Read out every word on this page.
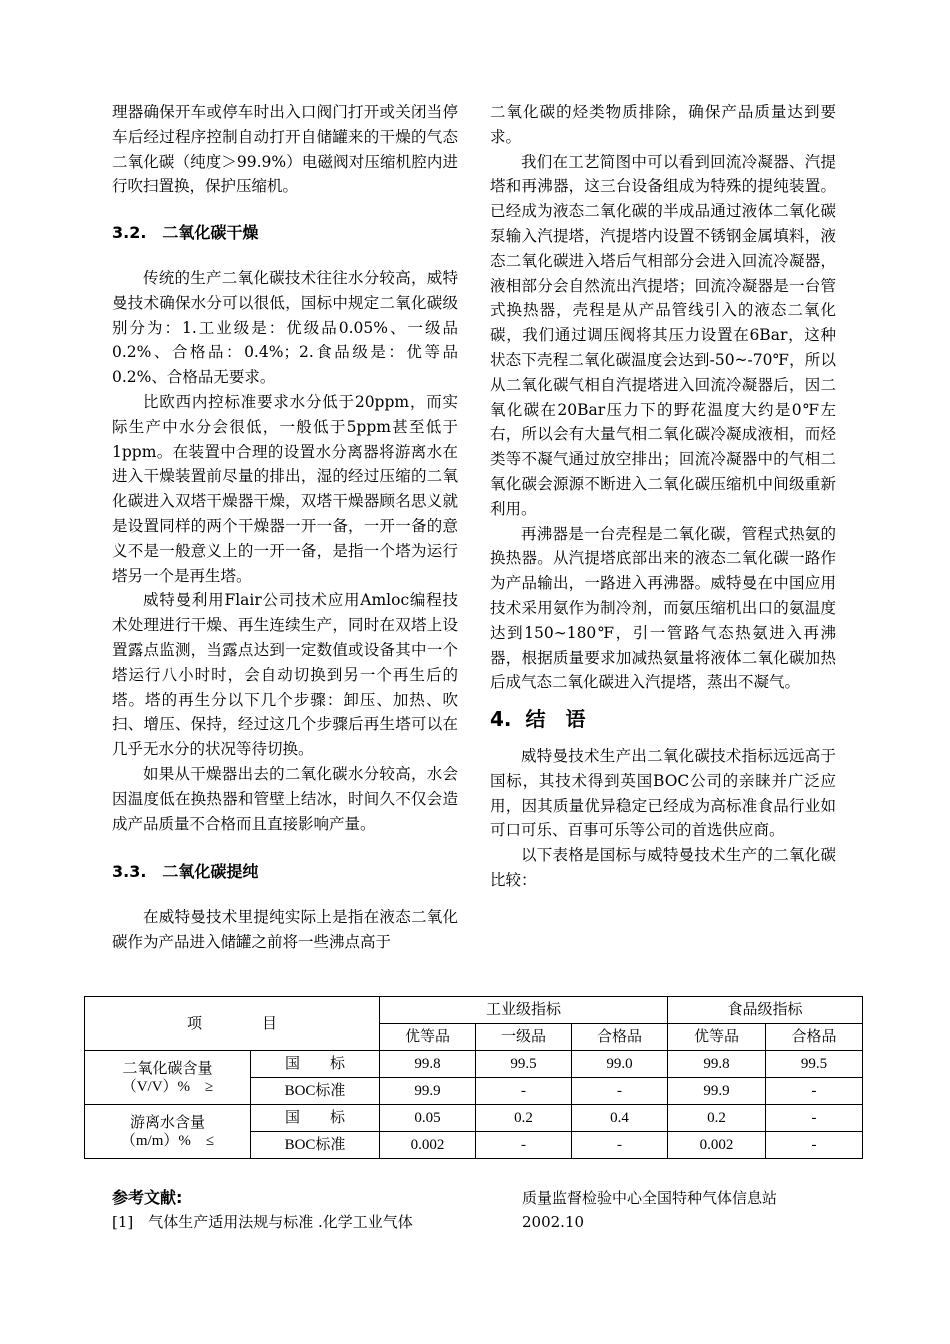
理器确保开车或停车时出入口阀门打开或关闭当停车后经过程序控制自动打开自储罐来的干燥的气态二氧化碳（纯度＞99.9%）电磁阀对压缩机腔内进行吹扫置换，保护压缩机。

3.2.　二氧化碳干燥

传统的生产二氧化碳技术往往水分较高，威特曼技术确保水分可以很低，国标中规定二氧化碳级别分为：1.工业级是：优级品0.05%、一级品0.2%、合格品：0.4%；2.食品级是：优等品0.2%、合格品无要求。

比欧西内控标准要求水分低于20ppm，而实际生产中水分会很低，一般低于5ppm甚至低于1ppm。在装置中合理的设置水分离器将游离水在进入干燥装置前尽量的排出，湿的经过压缩的二氧化碳进入双塔干燥器干燥，双塔干燥器顾名思义就是设置同样的两个干燥器一开一备，一开一备的意义不是一般意义上的一开一备，是指一个塔为运行塔另一个是再生塔。

威特曼利用Flair公司技术应用Amloc编程技术处理进行干燥、再生连续生产，同时在双塔上设置露点监测，当露点达到一定数值或设备其中一个塔运行八小时时，会自动切换到另一个再生后的塔。塔的再生分以下几个步骤：卸压、加热、吹扫、增压、保持，经过这几个步骤后再生塔可以在几乎无水分的状况等待切换。

如果从干燥器出去的二氧化碳水分较高，水会因温度低在换热器和管壁上结冰，时间久不仅会造成产品质量不合格而且直接影响产量。

3.3.　二氧化碳提纯

在威特曼技术里提纯实际上是指在液态二氧化碳作为产品进入储罐之前将一些沸点高于

二氧化碳的烃类物质排除，确保产品质量达到要求。

我们在工艺简图中可以看到回流冷凝器、汽提塔和再沸器，这三台设备组成为特殊的提纯装置。已经成为液态二氧化碳的半成品通过液体二氧化碳泵输入汽提塔，汽提塔内设置不锈钢金属填料，液态二氧化碳进入塔后气相部分会进入回流冷凝器，液相部分会自然流出汽提塔；回流冷凝器是一台管式换热器，壳程是从产品管线引入的液态二氧化碳，我们通过调压阀将其压力设置在6Bar，这种状态下壳程二氧化碳温度会达到-50~-70℉，所以从二氧化碳气相自汽提塔进入回流冷凝器后，因二氧化碳在20Bar压力下的野花温度大约是0℉左右，所以会有大量气相二氧化碳冷凝成液相，而烃类等不凝气通过放空排出；回流冷凝器中的气相二氧化碳会源源不断进入二氧化碳压缩机中间级重新利用。

再沸器是一台壳程是二氧化碳，管程式热氨的换热器。从汽提塔底部出来的液态二氧化碳一路作为产品输出，一路进入再沸器。威特曼在中国应用技术采用氨作为制冷剂，而氨压缩机出口的氨温度达到150∼180℉，引一管路气态热氨进入再沸器，根据质量要求加减热氨量将液体二氧化碳加热后成气态二氧化碳进入汽提塔，蒸出不凝气。

4. 结　语

威特曼技术生产出二氧化碳技术指标远远高于国标，其技术得到英国BOC公司的亲睐并广泛应用，因其质量优异稳定已经成为高标准食品行业如可口可乐、百事可乐等公司的首选供应商。

以下表格是国标与威特曼技术生产的二氧化碳比较：

项　　　　目		工业级指标			食品级指标	
		优等品	一级品	合格品	优等品	合格品

二氧化碳含量
（V/V）%　≥	国　　标	99.8	99.5	99.0	99.8	99.5
	BOC标准	99.9	-	-	99.9	-

游离水含量
（m/m）%　≤	国　　标	0.05	0.2	0.4	0.2	-
	BOC标准	0.002	-	-	0.002	-
参考文献:
[1]　气体生产适用法规与标准 .化学工业气体
质量监督检验中心全国特种气体信息站
2002.10
